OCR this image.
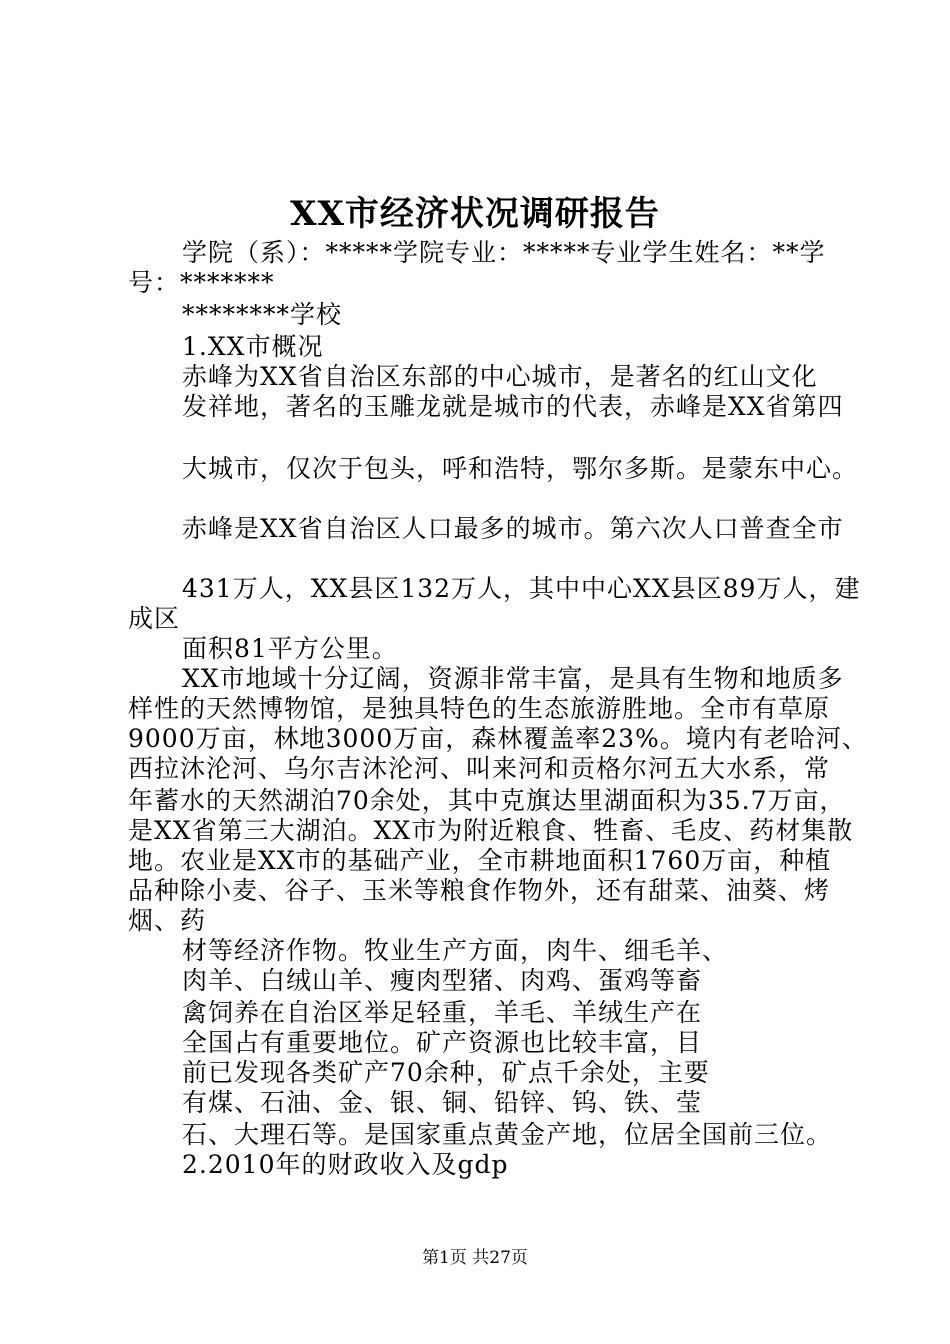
XX市经济状况调研报告
学院（系）：*****学院专业：*****专业学生姓名：**学
号：*******
********学校
1.XX市概况
赤峰为XX省自治区东部的中心城市，是著名的红山文化
发祥地，著名的玉雕龙就是城市的代表，赤峰是XX省第四
大城市，仅次于包头，呼和浩特，鄂尔多斯。是蒙东中心。
赤峰是XX省自治区人口最多的城市。第六次人口普查全市
431万人，XX县区132万人，其中中心XX县区89万人，建
成区
面积81平方公里。
XX市地域十分辽阔，资源非常丰富，是具有生物和地质多
样性的天然博物馆，是独具特色的生态旅游胜地。全市有草原
9000万亩，林地3000万亩，森林覆盖率23%。境内有老哈河、
西拉沐沦河、乌尔吉沐沦河、叫来河和贡格尔河五大水系，常
年蓄水的天然湖泊70余处，其中克旗达里湖面积为35.7万亩，
是XX省第三大湖泊。XX市为附近粮食、牲畜、毛皮、药材集散
地。农业是XX市的基础产业，全市耕地面积1760万亩，种植
品种除小麦、谷子、玉米等粮食作物外，还有甜菜、油葵、烤
烟、药
材等经济作物。牧业生产方面，肉牛、细毛羊、
肉羊、白绒山羊、瘦肉型猪、肉鸡、蛋鸡等畜
禽饲养在自治区举足轻重，羊毛、羊绒生产在
全国占有重要地位。矿产资源也比较丰富，目
前已发现各类矿产70余种，矿点千余处，主要
有煤、石油、金、银、铜、铅锌、钨、铁、莹
石、大理石等。是国家重点黄金产地，位居全国前三位。
2.2010年的财政收入及gdp
第1页 共27页
